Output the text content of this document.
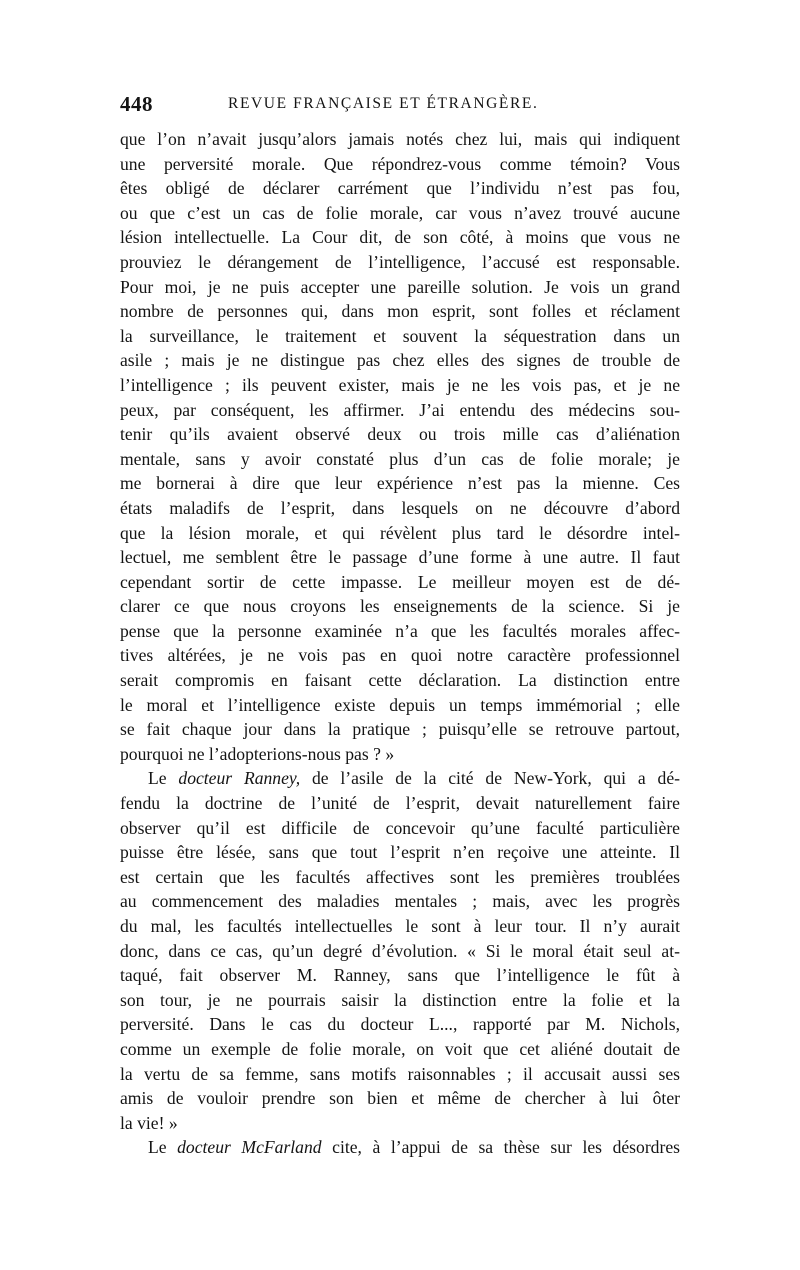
448	REVUE FRANÇAISE ET ÉTRANGÈRE.
que l’on n’avait jusqu’alors jamais notés chez lui, mais qui indiquent
une perversité morale. Que répondrez-vous comme témoin? Vous
êtes obligé de déclarer carrément que l’individu n’est pas fou,
ou que c’est un cas de folie morale, car vous n’avez trouvé aucune
lésion intellectuelle. La Cour dit, de son côté, à moins que vous ne
prouviez le dérangement de l’intelligence, l’accusé est responsable.
Pour moi, je ne puis accepter une pareille solution. Je vois un grand
nombre de personnes qui, dans mon esprit, sont folles et réclament
la surveillance, le traitement et souvent la séquestration dans un
asile ; mais je ne distingue pas chez elles des signes de trouble de
l’intelligence ; ils peuvent exister, mais je ne les vois pas, et je ne
peux, par conséquent, les affirmer. J’ai entendu des médecins sou-
tenir qu’ils avaient observé deux ou trois mille cas d’aliénation
mentale, sans y avoir constaté plus d’un cas de folie morale; je
me bornerai à dire que leur expérience n’est pas la mienne. Ces
états maladifs de l’esprit, dans lesquels on ne découvre d’abord
que la lésion morale, et qui révèlent plus tard le désordre intel-
lectuel, me semblent être le passage d’une forme à une autre. Il faut
cependant sortir de cette impasse. Le meilleur moyen est de dé-
clarer ce que nous croyons les enseignements de la science. Si je
pense que la personne examinée n’a que les facultés morales affec-
tives altérées, je ne vois pas en quoi notre caractère professionnel
serait compromis en faisant cette déclaration. La distinction entre
le moral et l’intelligence existe depuis un temps immémorial ; elle
se fait chaque jour dans la pratique ; puisqu’elle se retrouve partout,
pourquoi ne l’adopterions-nous pas ? »
Le docteur Ranney, de l’asile de la cité de New-York, qui a dé-
fendu la doctrine de l’unité de l’esprit, devait naturellement faire
observer qu’il est difficile de concevoir qu’une faculté particulière
puisse être lésée, sans que tout l’esprit n’en reçoive une atteinte. Il
est certain que les facultés affectives sont les premières troublées
au commencement des maladies mentales ; mais, avec les progrès
du mal, les facultés intellectuelles le sont à leur tour. Il n’y aurait
donc, dans ce cas, qu’un degré d’évolution. « Si le moral était seul at-
taqué, fait observer M. Ranney, sans que l’intelligence le fût à
son tour, je ne pourrais saisir la distinction entre la folie et la
perversité. Dans le cas du docteur L..., rapporté par M. Nichols,
comme un exemple de folie morale, on voit que cet aliéné doutait de
la vertu de sa femme, sans motifs raisonnables ; il accusait aussi ses
amis de vouloir prendre son bien et même de chercher à lui ôter
la vie! »
Le docteur McFarland cite, à l’appui de sa thèse sur les désordres
